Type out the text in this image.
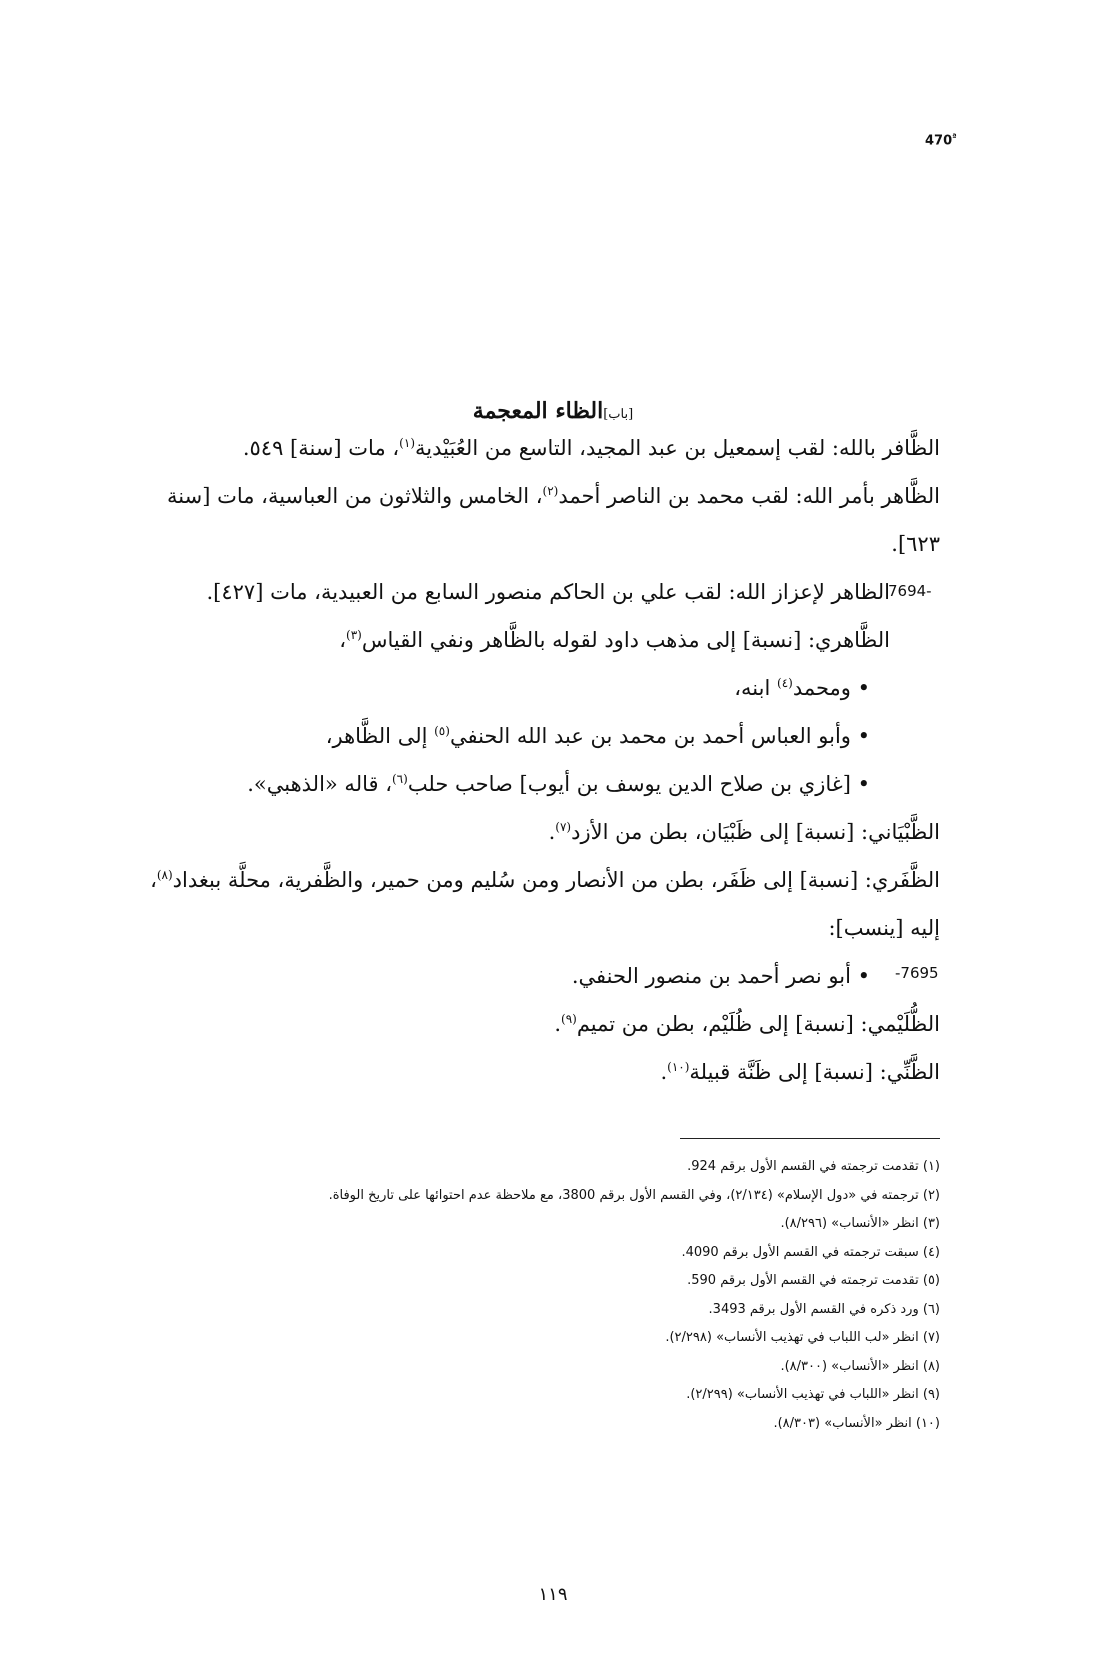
$470^ª$
[باب]الظاء المعجمة
الظَّافر بالله: لقب إسمعيل بن عبد المجيد، التاسع من العُبَيْدية$^{(١)}$، مات [سنة] ٥٤٩.
الظَّاهر بأمر الله: لقب محمد بن الناصر أحمد$^{(٢)}$، الخامس والثلاثون من العباسية، مات [سنة ٦٢٣].
الظاهر لإعزاز الله: لقب علي بن الحاكم منصور السابع من العبيدية، مات [٤٢٧].
الظَّاهري: [نسبة] إلى مذهب داود لقوله بالظَّاهر ونفي القياس$^{(٣)}$،
• ومحمد$^{(٤)}$ ابنه،
• وأبو العباس أحمد بن محمد بن عبد الله الحنفي$^{(٥)}$ إلى الظَّاهر،
• [غازي بن صلاح الدين يوسف بن أيوب] صاحب حلب$^{(٦)}$، قاله «الذهبي».
الظَّبْيَاني: [نسبة] إلى ظَبْيَان، بطن من الأزد$^{(٧)}$.
الظَّفَري: [نسبة] إلى ظَفَر، بطن من الأنصار ومن سُليم ومن حمير، والظَّفرية، محلَّة ببغداد$^{(٨)}$، إليه [ينسب]:
• أبو نصر أحمد بن منصور الحنفي.
الظُّلَيْمي: [نسبة] إلى ظُلَيْم، بطن من تميم$^{(٩)}$.
الظَّنِّي: [نسبة] إلى ظَنَّة قبيلة$^{(١٠)}$.
7694-
-7695
(١) تقدمت ترجمته في القسم الأول برقم 924.
(٢) ترجمته في «دول الإسلام» (٢/١٣٤)، وفي القسم الأول برقم 3800، مع ملاحظة عدم احتوائها على تاريخ الوفاة.
(٣) انظر «الأنساب» (٨/٢٩٦).
(٤) سبقت ترجمته في القسم الأول برقم 4090.
(٥) تقدمت ترجمته في القسم الأول برقم 590.
(٦) ورد ذكره في القسم الأول برقم 3493.
(٧) انظر «لب اللباب في تهذيب الأنساب» (٢/٢٩٨).
(٨) انظر «الأنساب» (٨/٣٠٠).
(٩) انظر «اللباب في تهذيب الأنساب» (٢/٢٩٩).
(١٠) انظر «الأنساب» (٨/٣٠٣).
١١٩
